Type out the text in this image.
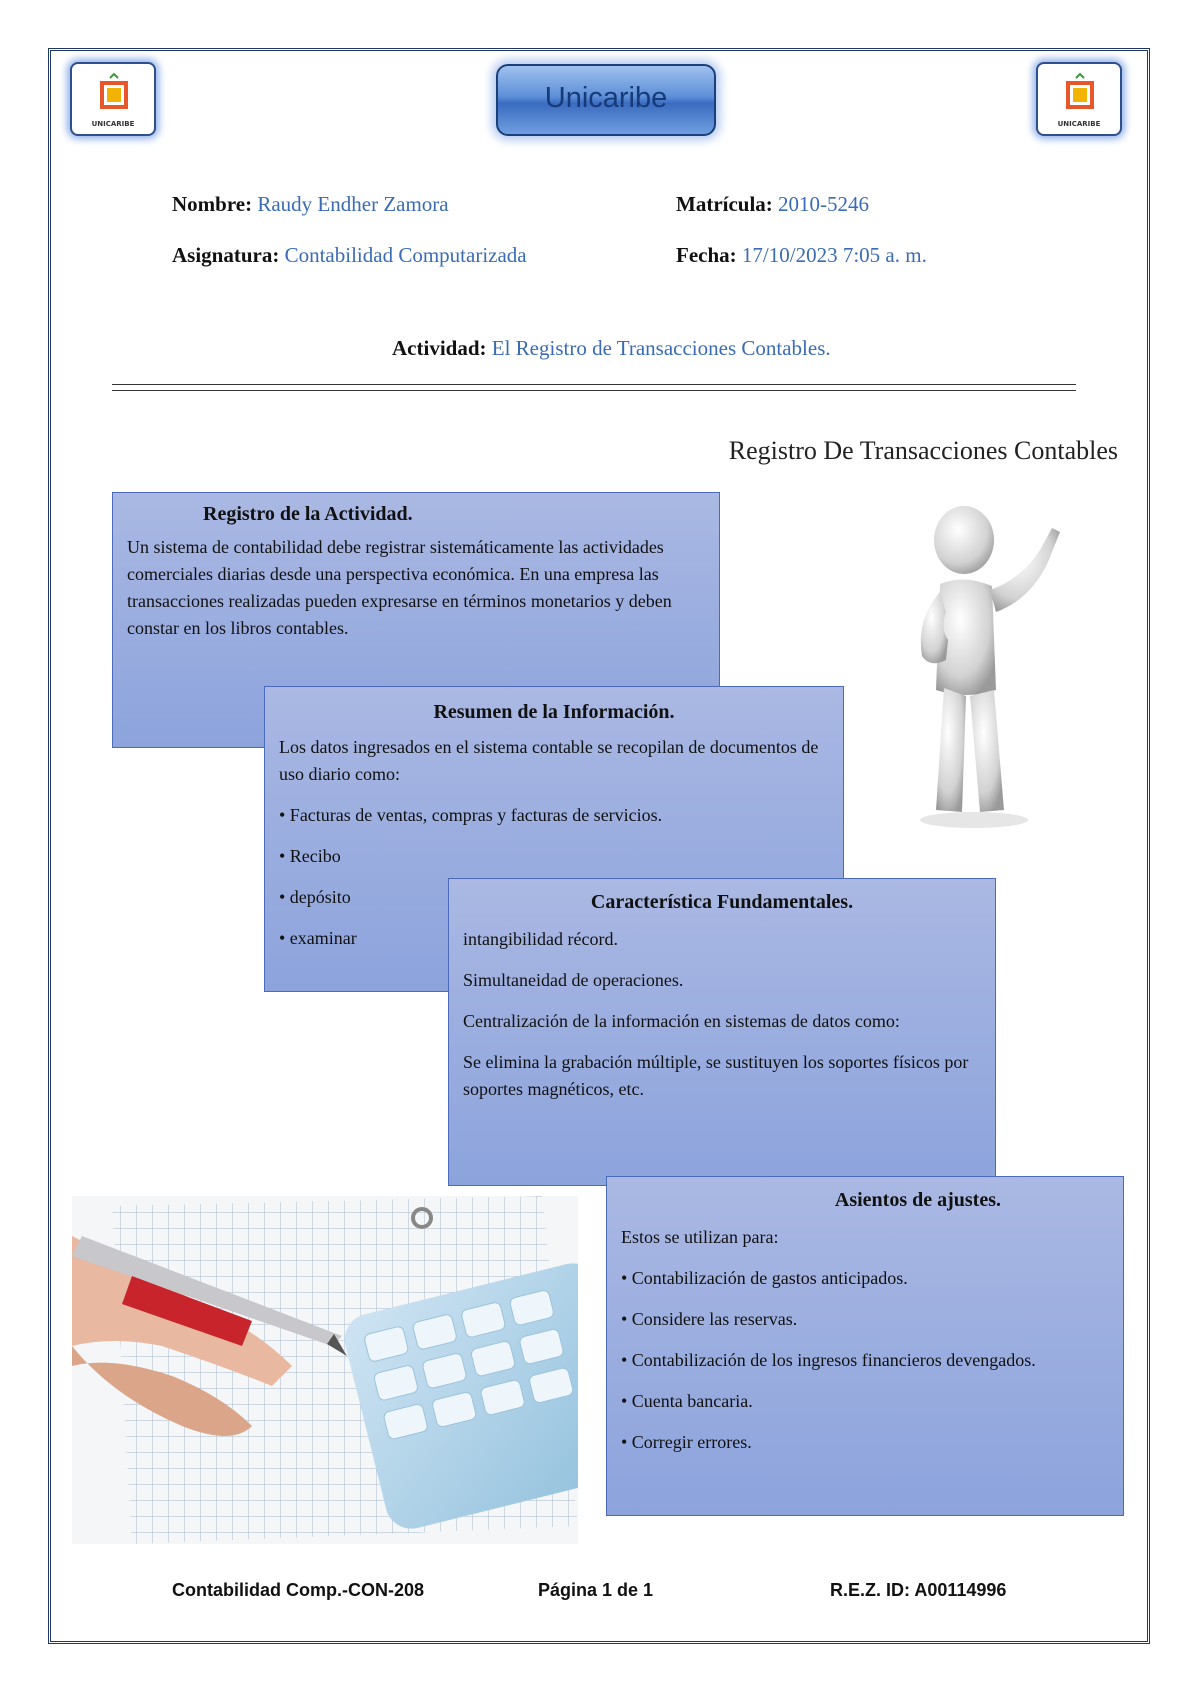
UNICARIBE
Unicaribe
UNICARIBE
Nombre: Raudy Endher Zamora	Matrícula: 2010-5246
Asignatura: Contabilidad Computarizada	Fecha: 17/10/2023 7:05 a. m.
Actividad: El Registro de Transacciones Contables.
Registro De Transacciones Contables
Registro de la Actividad.

Un sistema de contabilidad debe registrar sistemáticamente las actividades comerciales diarias desde una perspectiva económica. En una empresa las transacciones realizadas pueden expresarse en términos monetarios y deben constar en los libros contables.

Resumen de la Información.

Los datos ingresados en el sistema contable se recopilan de documentos de uso diario como:

• Facturas de ventas, compras y facturas de servicios.

• Recibo

• depósito

• examinar

Característica Fundamentales.

intangibilidad récord.

Simultaneidad de operaciones.

Centralización de la información en sistemas de datos como:

Se elimina la grabación múltiple, se sustituyen los soportes físicos por soportes magnéticos, etc.

Asientos de ajustes.

Estos se utilizan para:

• Contabilización de gastos anticipados.

• Considere las reservas.

• Contabilización de los ingresos financieros devengados.

• Cuenta bancaria.

• Corregir errores.

Contabilidad Comp.-CON-208	Página 1 de 1	R.E.Z. ID: A00114996
